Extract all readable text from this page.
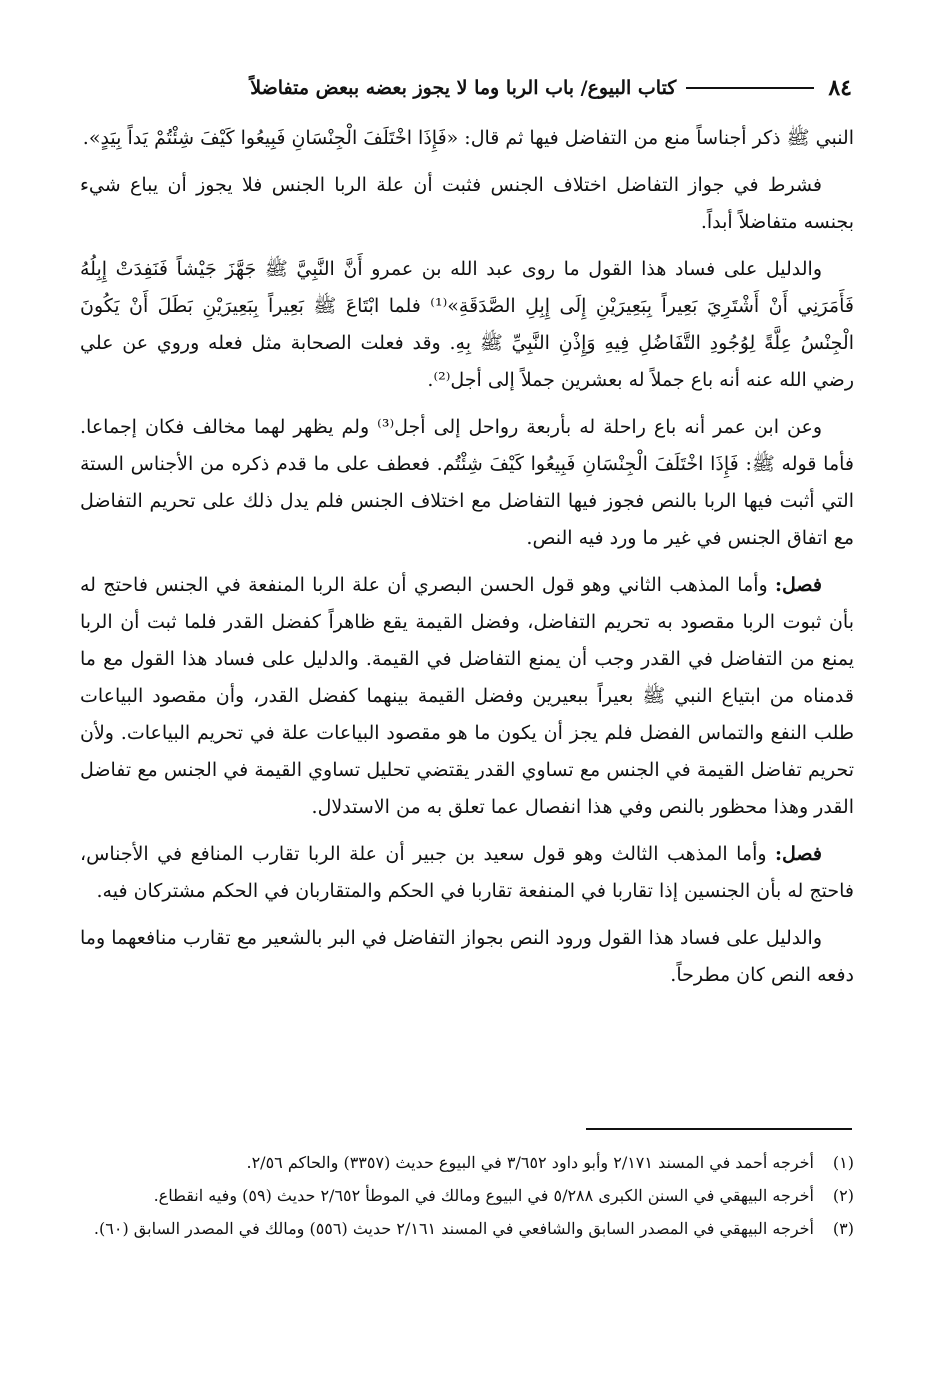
٨٤
كتاب البيوع/ باب الربا وما لا يجوز بعضه ببعض متفاضلاً

النبي ﷺ ذكر أجناساً منع من التفاضل فيها ثم قال: «فَإِذَا اخْتَلَفَ الْجِنْسَانِ فَبِيعُوا كَيْفَ شِئْتُمْ يَداً بِيَدٍ».

فشرط في جواز التفاضل اختلاف الجنس فثبت أن علة الربا الجنس فلا يجوز أن يباع شيء بجنسه متفاضلاً أبداً.

والدليل على فساد هذا القول ما روى عبد الله بن عمرو أَنَّ النَّبِيَّ ﷺ جَهَّزَ جَيْشاً فَنَفِدَتْ إِبِلُهُ فَأَمَرَنِي أَنْ أَشْتَرِيَ بَعِيراً بِبَعِيرَيْنِ إِلَى إِبِلِ الصَّدَقَةِ»⁽¹⁾ فلما ابْتَاعَ ﷺ بَعِيراً بِبَعِيرَيْنِ بَطَلَ أَنْ يَكُونَ الْجِنْسُ عِلَّةً لِوُجُودِ التَّفَاضُلِ فِيهِ وَإِذْنِ النَّبِيِّ ﷺ بِهِ. وقد فعلت الصحابة مثل فعله وروي عن علي رضي الله عنه أنه باع جملاً له بعشرين جملاً إلى أجل⁽²⁾.

وعن ابن عمر أنه باع راحلة له بأربعة رواحل إلى أجل⁽³⁾ ولم يظهر لهما مخالف فكان إجماعا. فأما قوله ﷺ: فَإِذَا اخْتَلَفَ الْجِنْسَانِ فَبِيعُوا كَيْفَ شِئْتُم. فعطف على ما قدم ذكره من الأجناس الستة التي أثبت فيها الربا بالنص فجوز فيها التفاضل مع اختلاف الجنس فلم يدل ذلك على تحريم التفاضل مع اتفاق الجنس في غير ما ورد فيه النص.

فصل: وأما المذهب الثاني وهو قول الحسن البصري أن علة الربا المنفعة في الجنس فاحتج له بأن ثبوت الربا مقصود به تحريم التفاضل، وفضل القيمة يقع ظاهراً كفضل القدر فلما ثبت أن الربا يمنع من التفاضل في القدر وجب أن يمنع التفاضل في القيمة. والدليل على فساد هذا القول مع ما قدمناه من ابتياع النبي ﷺ بعيراً ببعيرين وفضل القيمة بينهما كفضل القدر، وأن مقصود البياعات طلب النفع والتماس الفضل فلم يجز أن يكون ما هو مقصود البياعات علة في تحريم البياعات. ولأن تحريم تفاضل القيمة في الجنس مع تساوي القدر يقتضي تحليل تساوي القيمة في الجنس مع تفاضل القدر وهذا محظور بالنص وفي هذا انفصال عما تعلق به من الاستدلال.

فصل: وأما المذهب الثالث وهو قول سعيد بن جبير أن علة الربا تقارب المنافع في الأجناس، فاحتج له بأن الجنسين إذا تقاربا في المنفعة تقاربا في الحكم والمتقاربان في الحكم مشتركان فيه.

والدليل على فساد هذا القول ورود النص بجواز التفاضل في البر بالشعير مع تقارب منافعهما وما دفعه النص كان مطرحاً.

(١)
أخرجه أحمد في المسند ٢/١٧١ وأبو داود ٣/٦٥٢ في البيوع حديث (٣٣٥٧) والحاكم ٢/٥٦.
(٢)
أخرجه البيهقي في السنن الكبرى ٥/٢٨٨ في البيوع ومالك في الموطأ ٢/٦٥٢ حديث (٥٩) وفيه انقطاع.
(٣)
أخرجه البيهقي في المصدر السابق والشافعي في المسند ٢/١٦١ حديث (٥٥٦) ومالك في المصدر السابق (٦٠).
